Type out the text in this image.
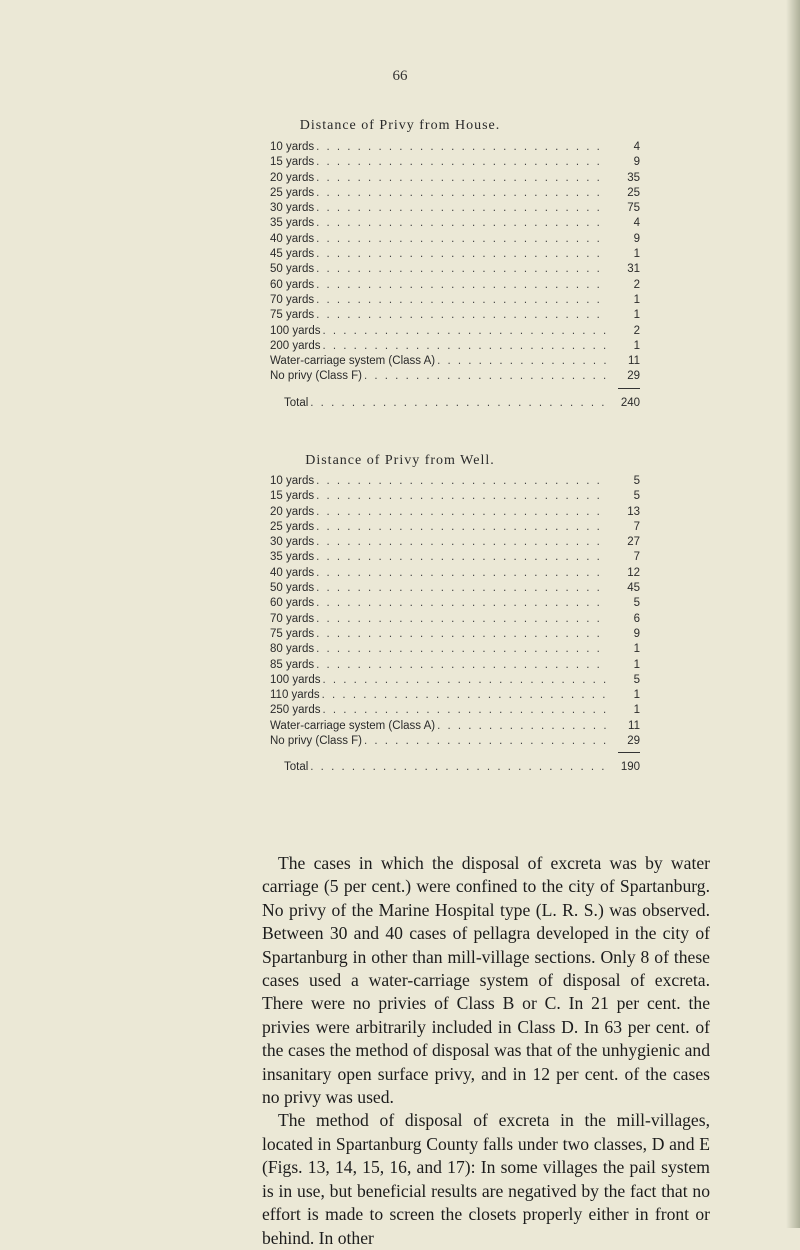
66
Distance of Privy from House.
10 yards . . .	4
15 yards . . .	9
20 yards . . .	35
25 yards . . .	25
30 yards . . .	75
35 yards . . .	4
40 yards . . .	9
45 yards . . .	1
50 yards . . .	31
60 yards . . .	2
70 yards . . .	1
75 yards . . .	1
100 yards . . .	2
200 yards . . .	1
Water-carriage system (Class A) . . .	11
No privy (Class F) . . .	29
Total . . .	240
Distance of Privy from Well.
10 yards . . .	5
15 yards . . .	5
20 yards . . .	13
25 yards . . .	7
30 yards . . .	27
35 yards . . .	7
40 yards . . .	12
50 yards . . .	45
60 yards . . .	5
70 yards . . .	6
75 yards . . .	9
80 yards . . .	1
85 yards . . .	1
100 yards . . .	5
110 yards . . .	1
250 yards . . .	1
Water-carriage system (Class A) . . .	11
No privy (Class F) . . .	29
Total . . .	190

The cases in which the disposal of excreta was by water carriage (5 per cent.) were confined to the city of Spartanburg. No privy of the Marine Hospital type (L. R. S.) was observed. Between 30 and 40 cases of pellagra developed in the city of Spartanburg in other than mill-village sections. Only 8 of these cases used a water-carriage system of disposal of excreta. There were no privies of Class B or C. In 21 per cent. the privies were arbitrarily included in Class D. In 63 per cent. of the cases the method of disposal was that of the unhygienic and insanitary open surface privy, and in 12 per cent. of the cases no privy was used.

The method of disposal of excreta in the mill-villages, located in Spartanburg County falls under two classes, D and E (Figs. 13, 14, 15, 16, and 17): In some villages the pail system is in use, but beneficial results are negatived by the fact that no effort is made to screen the closets properly either in front or behind. In other
